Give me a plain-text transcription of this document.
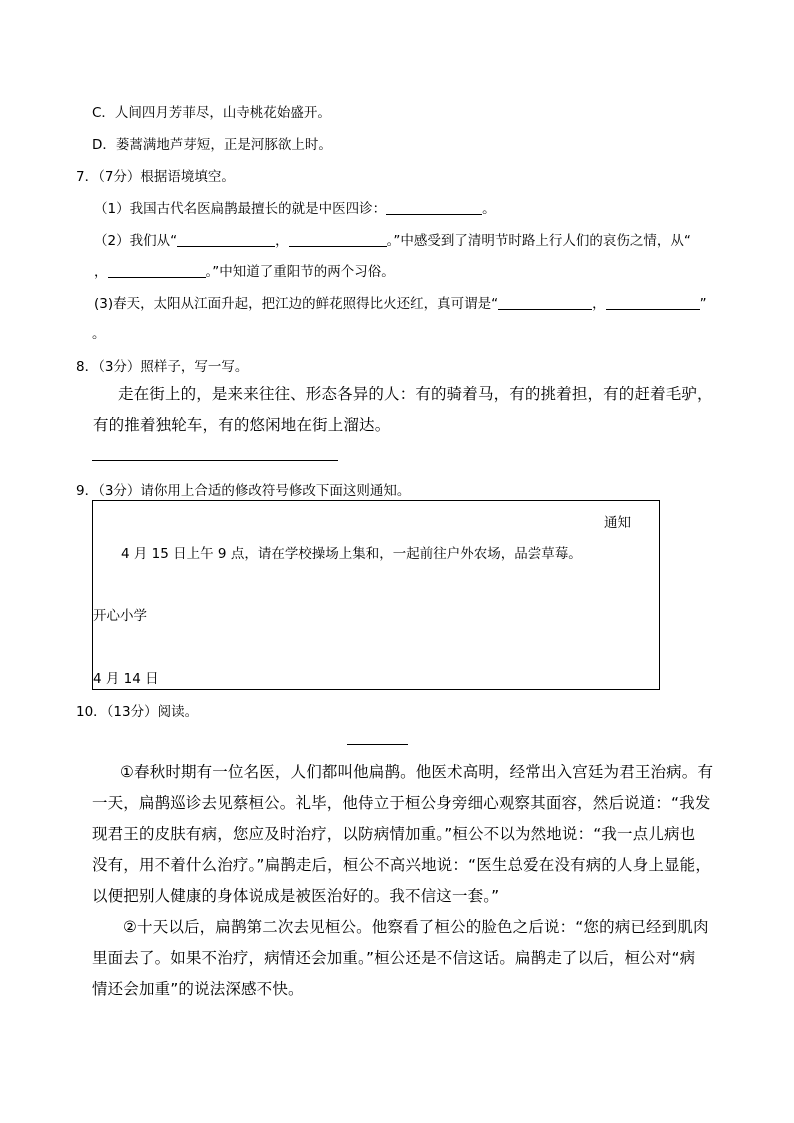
C．人间四月芳菲尽，山寺桃花始盛开。
D．蒌蒿满地芦芽短，正是河豚欲上时。
7．（7分）根据语境填空。
（1）我国古代名医扁鹊最擅长的就是中医四诊：	。
（2）我们从“	，	。”中感受到了清明节时路上行人们的哀伤之情，从“
，	。”中知道了重阳节的两个习俗。
(3)春天，太阳从江面升起，把江边的鲜花照得比火还红，真可谓是“	，	”
。
8．（3分）照样子，写一写。
走在街上的，是来来往往、形态各异的人：有的骑着马，有的挑着担，有的赶着毛驴，
有的推着独轮车，有的悠闲地在街上溜达。
9．（3分）请你用上合适的修改符号修改下面这则通知。
通知
4 月 15 日上午 9 点，请在学校操场上集和，一起前往户外农场，品尝草莓。
开心小学
4 月 14 日
10．（13分）阅读。
①春秋时期有一位名医，人们都叫他扁鹊。他医术高明，经常出入宫廷为君王治病。有
一天，扁鹊巡诊去见蔡桓公。礼毕，他侍立于桓公身旁细心观察其面容，然后说道：“我发
现君王的皮肤有病，您应及时治疗，以防病情加重。”桓公不以为然地说：“我一点儿病也
没有，用不着什么治疗。”扁鹊走后，桓公不高兴地说：“医生总爱在没有病的人身上显能，
以便把别人健康的身体说成是被医治好的。我不信这一套。”
②十天以后，扁鹊第二次去见桓公。他察看了桓公的脸色之后说：“您的病已经到肌肉
里面去了。如果不治疗，病情还会加重。”桓公还是不信这话。扁鹊走了以后，桓公对“病
情还会加重”的说法深感不快。
